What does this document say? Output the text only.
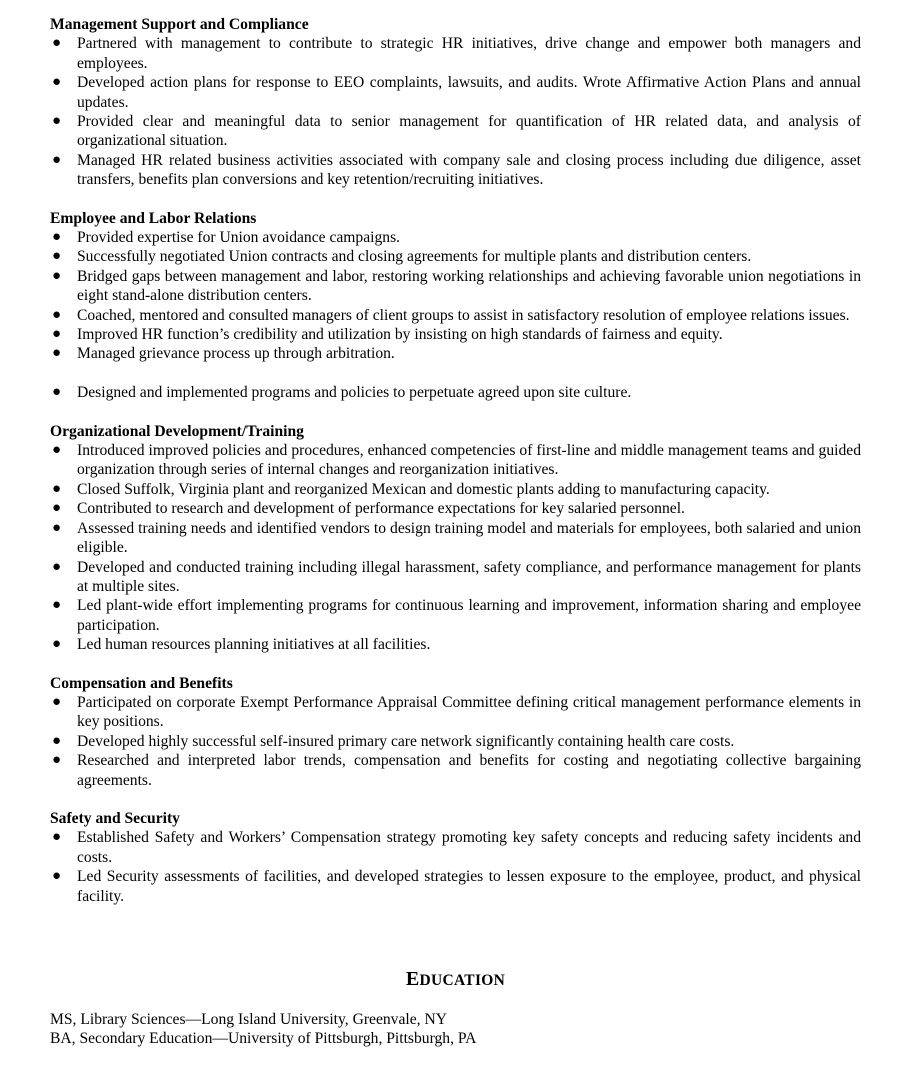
Management Support and Compliance
● Partnered with management to contribute to strategic HR initiatives, drive change and empower both managers and employees.
● Developed action plans for response to EEO complaints, lawsuits, and audits. Wrote Affirmative Action Plans and annual updates.
● Provided clear and meaningful data to senior management for quantification of HR related data, and analysis of organizational situation.
● Managed HR related business activities associated with company sale and closing process including due diligence, asset transfers, benefits plan conversions and key retention/recruiting initiatives.
Employee and Labor Relations
● Provided expertise for Union avoidance campaigns.
● Successfully negotiated Union contracts and closing agreements for multiple plants and distribution centers.
● Bridged gaps between management and labor, restoring working relationships and achieving favorable union negotiations in eight stand-alone distribution centers.
● Coached, mentored and consulted managers of client groups to assist in satisfactory resolution of employee relations issues.
● Improved HR function’s credibility and utilization by insisting on high standards of fairness and equity.
● Managed grievance process up through arbitration.
● Designed and implemented programs and policies to perpetuate agreed upon site culture.
Organizational Development/Training
● Introduced improved policies and procedures, enhanced competencies of first-line and middle management teams and guided organization through series of internal changes and reorganization initiatives.
● Closed Suffolk, Virginia plant and reorganized Mexican and domestic plants adding to manufacturing capacity.
● Contributed to research and development of performance expectations for key salaried personnel.
● Assessed training needs and identified vendors to design training model and materials for employees, both salaried and union eligible.
● Developed and conducted training including illegal harassment, safety compliance, and performance management for plants at multiple sites.
● Led plant-wide effort implementing programs for continuous learning and improvement, information sharing and employee participation.
● Led human resources planning initiatives at all facilities.
Compensation and Benefits
● Participated on corporate Exempt Performance Appraisal Committee defining critical management performance elements in key positions.
● Developed highly successful self-insured primary care network significantly containing health care costs.
● Researched and interpreted labor trends, compensation and benefits for costing and negotiating collective bargaining agreements.
Safety and Security
● Established Safety and Workers’ Compensation strategy promoting key safety concepts and reducing safety incidents and costs.
● Led Security assessments of facilities, and developed strategies to lessen exposure to the employee, product, and physical facility.
EDUCATION
MS, Library Sciences—Long Island University, Greenvale, NY
BA, Secondary Education—University of Pittsburgh, Pittsburgh, PA
